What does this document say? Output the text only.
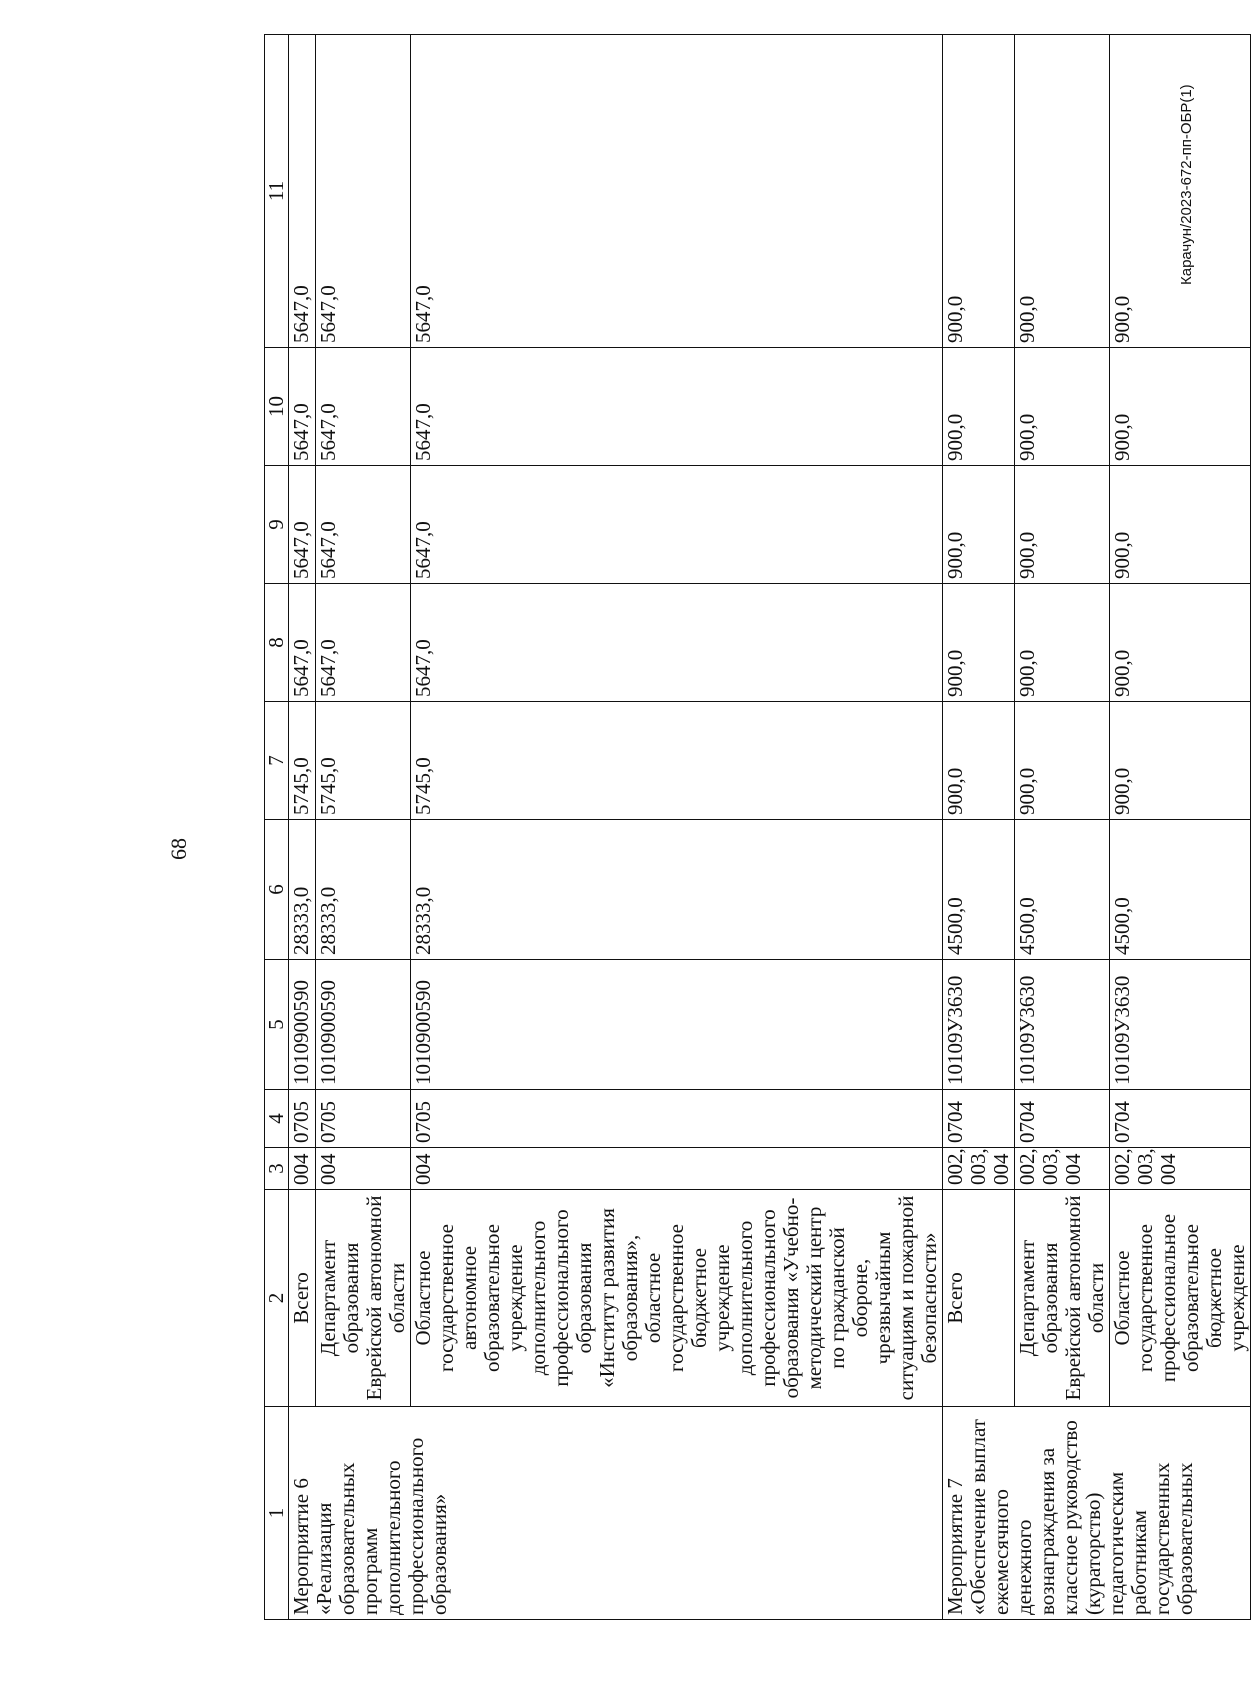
68
1	2	3	4	5	6	7	8	9	10	11
Мероприятие 6 «Реализация образовательных программ дополнительного профессионального образования»	Всего	004	0705	1010900590	28333,0	5745,0	5647,0	5647,0	5647,0	5647,0
	Департамент образования Еврейской автономной области	004	0705	1010900590	28333,0	5745,0	5647,0	5647,0	5647,0	5647,0
	Областное государственное автономное образовательное учреждение дополнительного профессионального образования «Институт развития образования», областное государственное бюджетное учреждение дополнительного профессионального образования «Учебно-методический центр по гражданской обороне, чрезвычайным ситуациям и пожарной безопасности»	004	0705	1010900590	28333,0	5745,0	5647,0	5647,0	5647,0	5647,0
Мероприятие 7 «Обеспечение выплат ежемесячного денежного вознаграждения за классное руководство (кураторство) педагогическим работникам государственных образовательных	Всего	002, 003, 004	0704	10109У3630	4500,0	900,0	900,0	900,0	900,0	900,0
	Департамент образования Еврейской автономной области	002, 003, 004	0704	10109У3630	4500,0	900,0	900,0	900,0	900,0	900,0
	Областное государственное профессиональное образовательное бюджетное учреждение	002, 003, 004	0704	10109У3630	4500,0	900,0	900,0	900,0	900,0	900,0
Карачун/2023-672-пп-ОБР(1)
